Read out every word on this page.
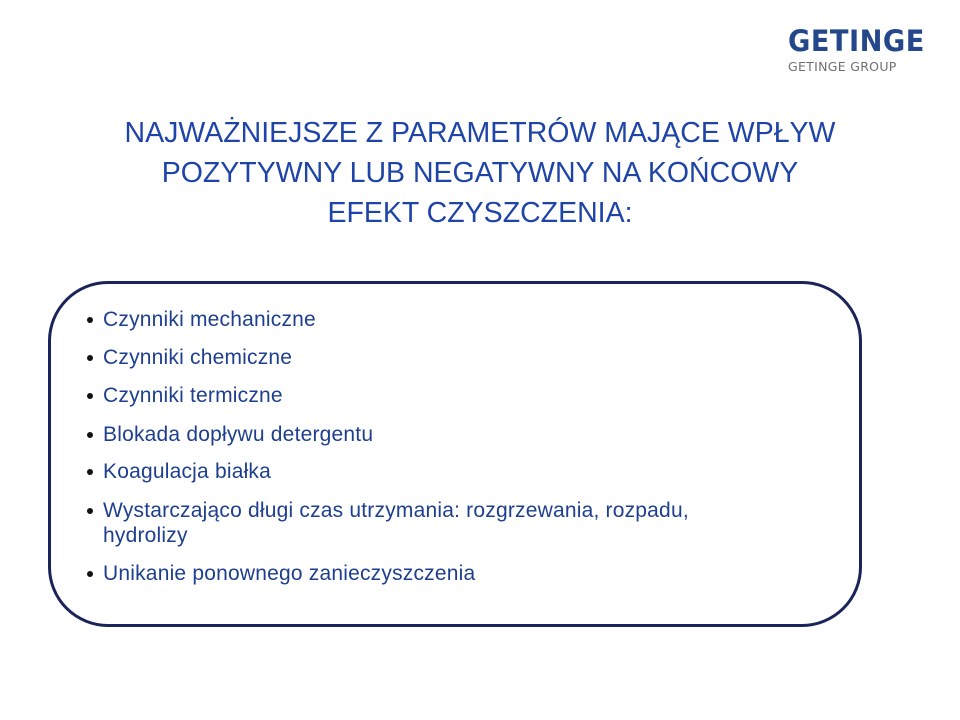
GETINGE
GETINGE GROUP
NAJWAŻNIEJSZE Z PARAMETRÓW MAJĄCE WPŁYW
POZYTYWNY LUB NEGATYWNY NA KOŃCOWY
EFEKT CZYSZCZENIA:
Czynniki mechaniczne
Czynniki chemiczne
Czynniki termiczne
Blokada dopływu detergentu
Koagulacja białka
Wystarczająco długi czas utrzymania: rozgrzewania, rozpadu,
hydrolizy
Unikanie ponownego zanieczyszczenia
